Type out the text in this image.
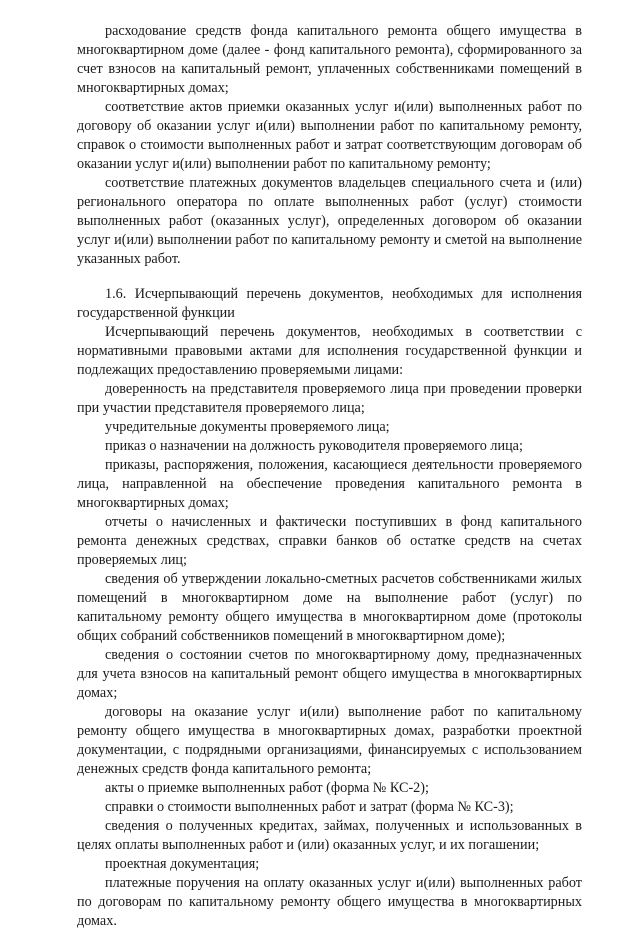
расходование средств фонда капитального ремонта общего имущества в многоквартирном доме (далее - фонд капитального ремонта), сформированного за счет взносов на капитальный ремонт, уплаченных собственниками помещений в многоквартирных домах;

соответствие актов приемки оказанных услуг и(или) выполненных работ по договору об оказании услуг и(или) выполнении работ по капитальному ремонту, справок о стоимости выполненных работ и затрат соответствующим договорам об оказании услуг и(или) выполнении работ по капитальному ремонту;

соответствие платежных документов владельцев специального счета и (или) регионального оператора по оплате выполненных работ (услуг) стоимости выполненных работ (оказанных услуг), определенных договором об оказании услуг и(или) выполнении работ по капитальному ремонту и сметой на выполнение указанных работ.

1.6. Исчерпывающий перечень документов, необходимых для исполнения государственной функции

Исчерпывающий перечень документов, необходимых в соответствии с нормативными правовыми актами для исполнения государственной функции и подлежащих предоставлению проверяемыми лицами:

доверенность на представителя проверяемого лица при проведении проверки при участии представителя проверяемого лица;

учредительные документы проверяемого лица;

приказ о назначении на должность руководителя проверяемого лица;

приказы, распоряжения, положения, касающиеся деятельности проверяемого лица, направленной на обеспечение проведения капитального ремонта в многоквартирных домах;

отчеты о начисленных и фактически поступивших в фонд капитального ремонта денежных средствах, справки банков об остатке средств на счетах проверяемых лиц;

сведения об утверждении локально-сметных расчетов собственниками жилых помещений в многоквартирном доме на выполнение работ (услуг) по капитальному ремонту общего имущества в многоквартирном доме (протоколы общих собраний собственников помещений в многоквартирном доме);

сведения о состоянии счетов по многоквартирному дому, предназначенных для учета взносов на капитальный ремонт общего имущества в многоквартирных домах;

договоры на оказание услуг и(или) выполнение работ по капитальному ремонту общего имущества в многоквартирных домах, разработки проектной документации, с подрядными организациями, финансируемых с использованием денежных средств фонда капитального ремонта;

акты о приемке выполненных работ (форма № КС-2);

справки о стоимости выполненных работ и затрат (форма № КС-3);

сведения о полученных кредитах, займах, полученных и использованных в целях оплаты выполненных работ и (или) оказанных услуг, и их погашении;

проектная документация;

платежные поручения на оплату оказанных услуг и(или) выполненных работ по договорам по капитальному ремонту общего имущества в многоквартирных домах.
